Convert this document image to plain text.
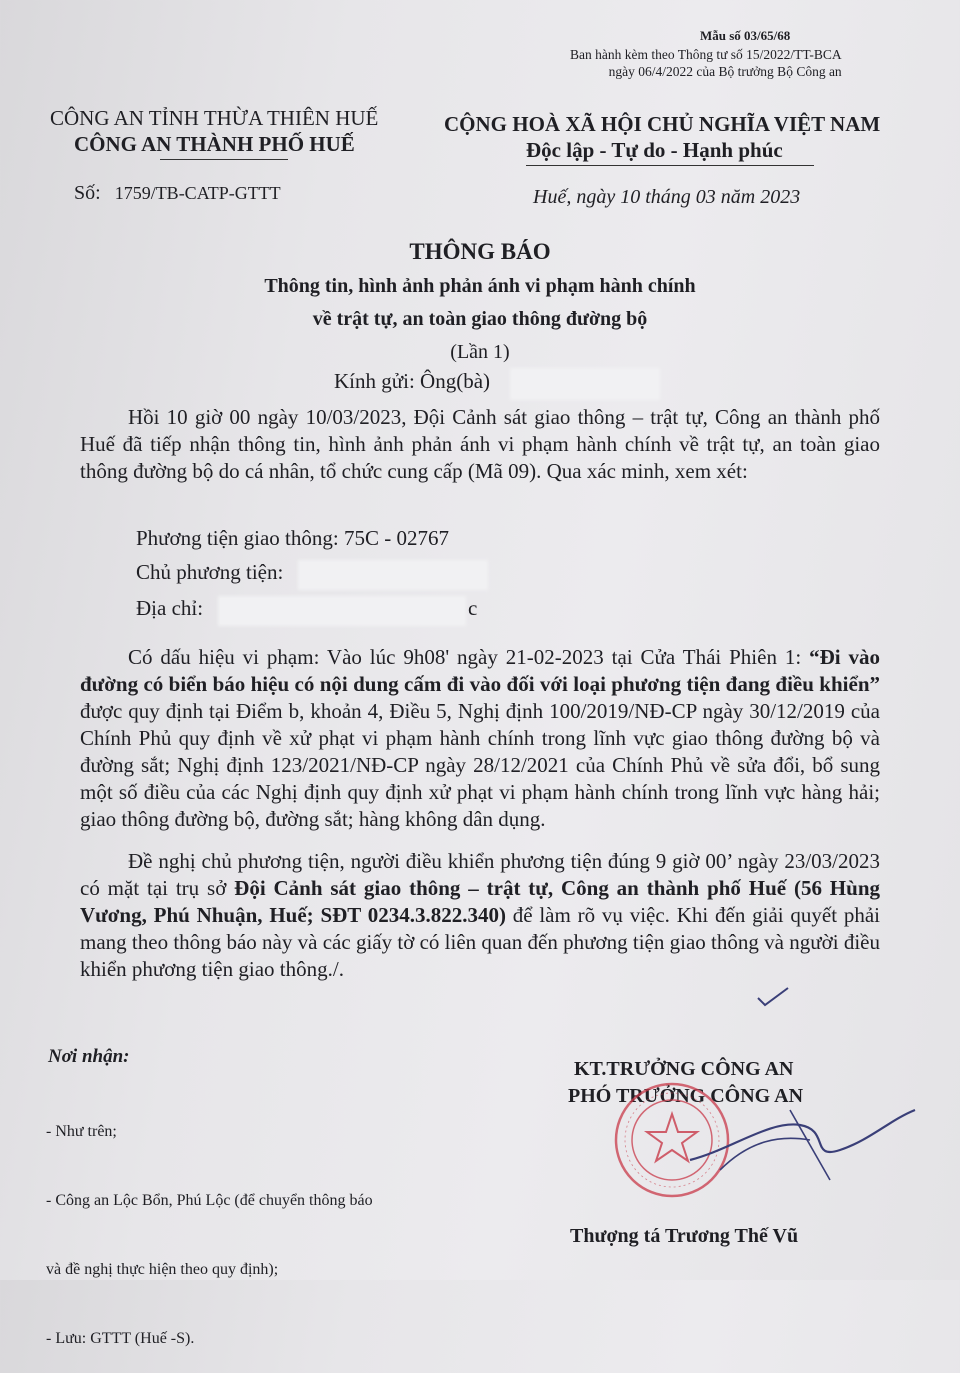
Mẫu số 03/65/68
Ban hành kèm theo Thông tư số 15/2022/TT-BCA
ngày 06/4/2022 của Bộ trưởng Bộ Công an
CÔNG AN TỈNH THỪA THIÊN HUẾ
CÔNG AN THÀNH PHỐ HUẾ
CỘNG HOÀ XÃ HỘI CHỦ NGHĨA VIỆT NAM
Độc lập - Tự do - Hạnh phúc
Số: 1759/TB-CATP-GTTT	Huế, ngày 10 tháng 03 năm 2023
THÔNG BÁO
Thông tin, hình ảnh phản ánh vi phạm hành chính
về trật tự, an toàn giao thông đường bộ
(Lần 1)
Kính gửi: Ông(bà)
Hồi 10 giờ 00 ngày 10/03/2023, Đội Cảnh sát giao thông – trật tự, Công an thành phố Huế đã tiếp nhận thông tin, hình ảnh phản ánh vi phạm hành chính về trật tự, an toàn giao thông đường bộ do cá nhân, tổ chức cung cấp (Mã 09). Qua xác minh, xem xét:
Phương tiện giao thông: 75C - 02767
Chủ phương tiện:
Địa chỉ:	c
Có dấu hiệu vi phạm: Vào lúc 9h08' ngày 21-02-2023 tại Cửa Thái Phiên 1: “Đi vào đường có biển báo hiệu có nội dung cấm đi vào đối với loại phương tiện đang điều khiển” được quy định tại Điểm b, khoản 4, Điều 5, Nghị định 100/2019/NĐ-CP ngày 30/12/2019 của Chính Phủ quy định về xử phạt vi phạm hành chính trong lĩnh vực giao thông đường bộ và đường sắt; Nghị định 123/2021/NĐ-CP ngày 28/12/2021 của Chính Phủ về sửa đổi, bổ sung một số điều của các Nghị định quy định xử phạt vi phạm hành chính trong lĩnh vực hàng hải; giao thông đường bộ, đường sắt; hàng không dân dụng.
Đề nghị chủ phương tiện, người điều khiển phương tiện đúng 9 giờ 00’ ngày 23/03/2023 có mặt tại trụ sở Đội Cảnh sát giao thông – trật tự, Công an thành phố Huế (56 Hùng Vương, Phú Nhuận, Huế; SĐT 0234.3.822.340) để làm rõ vụ việc. Khi đến giải quyết phải mang theo thông báo này và các giấy tờ có liên quan đến phương tiện giao thông và người điều khiển phương tiện giao thông./.
Nơi nhận:

- Như trên;

- Công an Lộc Bổn, Phú Lộc (để chuyển thông báo

và đề nghị thực hiện theo quy định);

- Lưu: GTTT (Huế -S).

KT.TRƯỞNG CÔNG AN
PHÓ TRƯỞNG CÔNG AN
Thượng tá Trương Thế Vũ
